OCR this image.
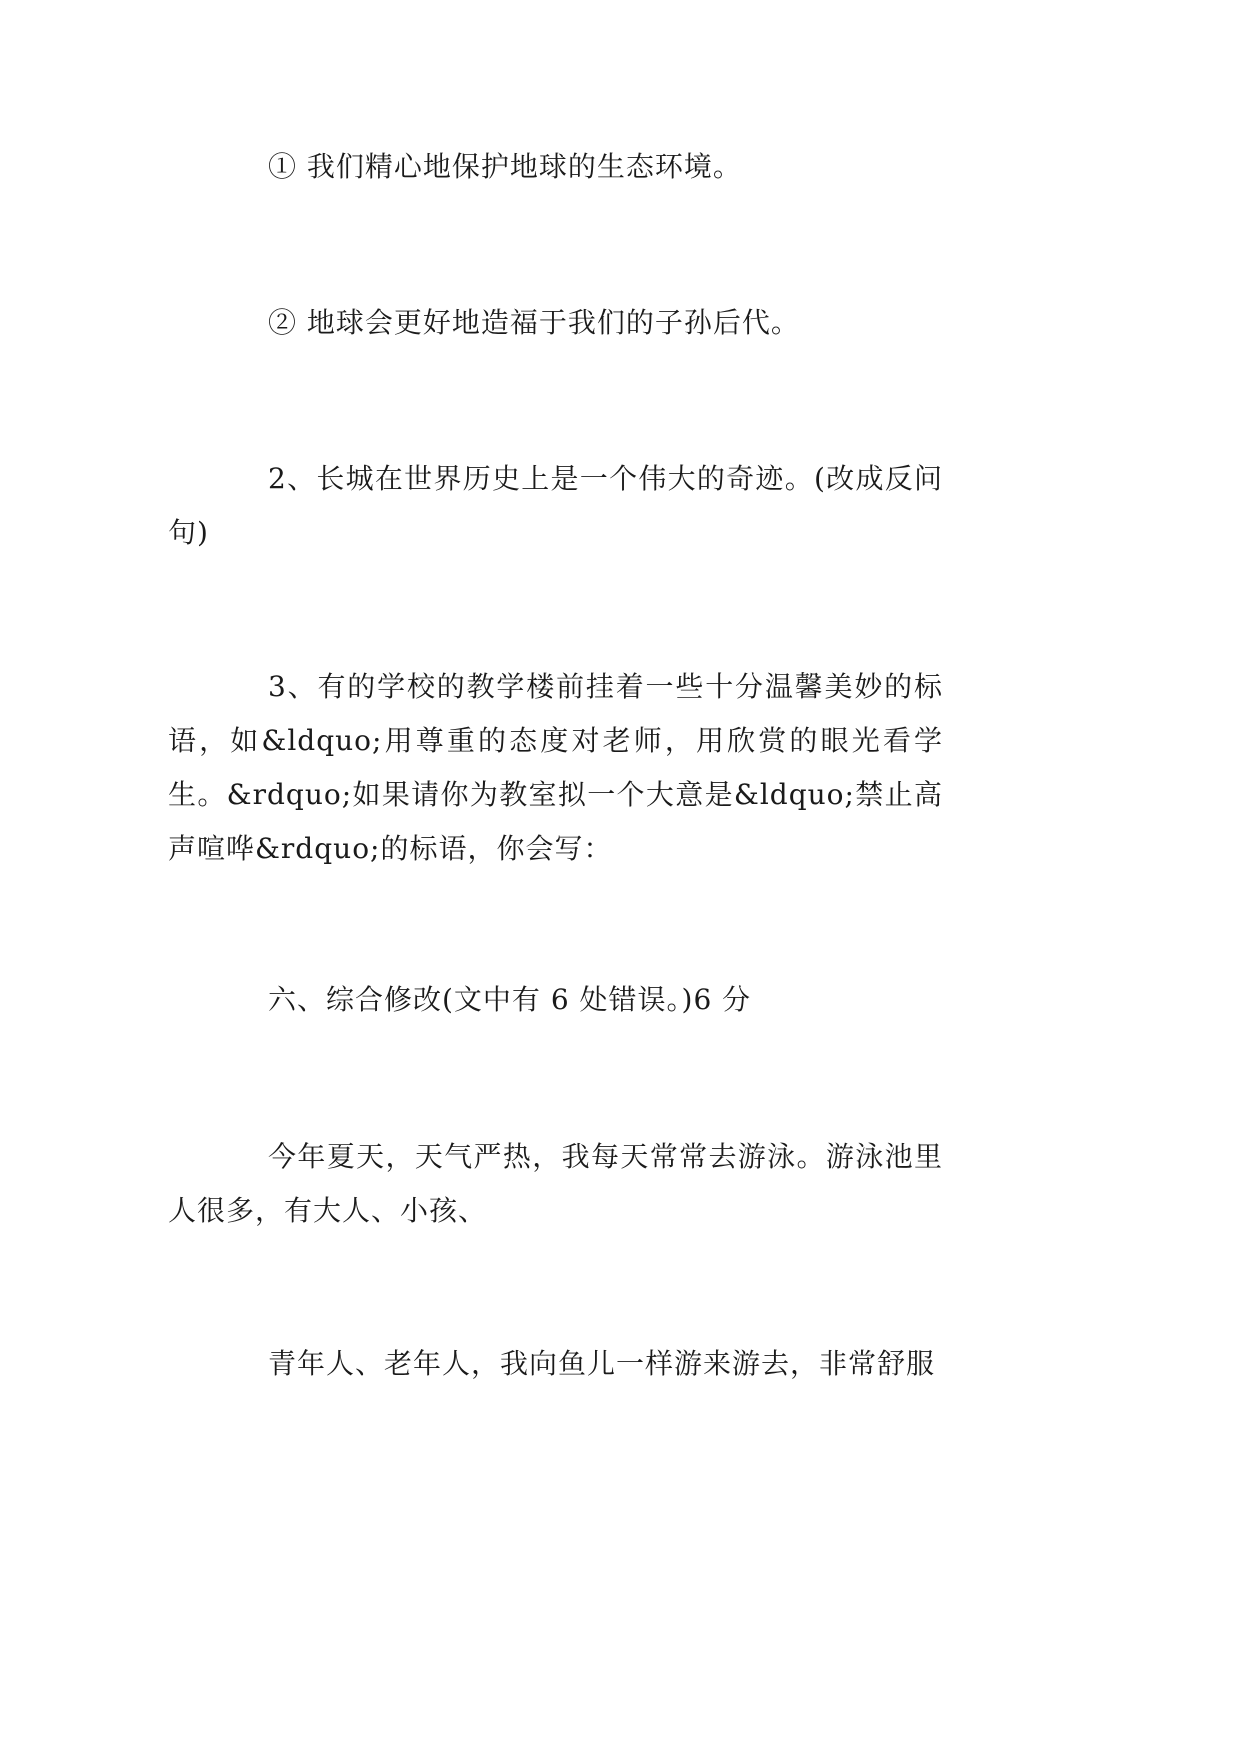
① 我们精心地保护地球的生态环境。

② 地球会更好地造福于我们的子孙后代。

2、长城在世界历史上是一个伟大的奇迹。(改成反问句)

3、有的学校的教学楼前挂着一些十分温馨美妙的标语，如&ldquo;用尊重的态度对老师，用欣赏的眼光看学生。&rdquo;如果请你为教室拟一个大意是&ldquo;禁止高声喧哗&rdquo;的标语，你会写：

六、综合修改(文中有 6 处错误。)6 分

今年夏天，天气严热，我每天常常去游泳。游泳池里人很多，有大人、小孩、

青年人、老年人，我向鱼儿一样游来游去，非常舒服
